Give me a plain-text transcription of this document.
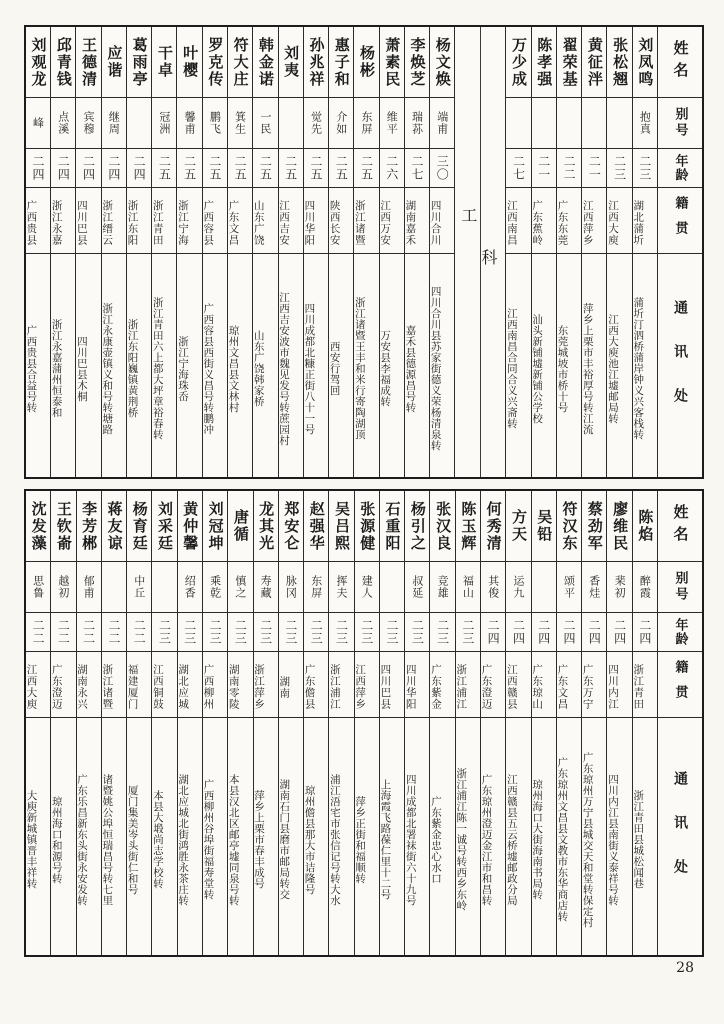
姓名
别号
年龄
籍贯
通讯处
刘凤鸣
抱真
二三
湖北蒲圻
蒲圻汀泗桥蒲岸钟义兴客栈转
张松翘
二三
江西大庾
江西大庾池江墟邮局转
黄征泮
二一
江西萍乡
萍乡上栗市丰裕厚号转江流
翟荣基
二二
广东东莞
东莞城坡市桥十号
陈孝强
二一
广东蕉岭
汕头新铺墟新铺公学校
万少成
二七
江西南昌
江西南昌合同合义兴斋转
工
科
杨文焕
端甫
三〇
四川合川
四川合川县苏家街德义荣杨清泉转
李焕芝
瑞荪
二七
湖南嘉禾
嘉禾县德源昌号转
萧素民
维平
二六
江西万安
万安县李福成转
杨彬
东屏
二五
浙江诸暨
浙江诸暨王丰和米行寄陶湖顶
惠子和
介如
二五
陕西长安
西安行驾回
孙兆祥
觉先
二五
四川华阳
四川成都北糠正街八十一号
刘夷
二五
江西吉安
江西吉安波市魏见发号转蔗园村
韩金诺
一民
二五
山东广饶
山东广饶韩家桥
符大庄
箕生
二五
广东文昌
琼州文昌县文林村
罗克传
鹏飞
二五
广西容县
广西容县西街义昌号转鹏冲
叶樱
馨甫
二五
浙江宁海
浙江宁海珠岙
干卓
冠洲
二五
浙江青田
浙江青田六上都大坪章裕春转
葛雨亭
二四
浙江东阳
浙江东阳巍镇黄荆桥
应谐
继周
二四
浙江缙云
浙江永康壶镇义和号转塘路
王德清
宾穆
二四
四川巴县
四川巴县木桐
邱青钱
点溪
二四
浙江永嘉
浙江永嘉蒲州恒泰和
刘观龙
峰
二四
广西贵县
广西贵县合益号转
姓名
别号
年龄
籍贯
通讯处
陈焰
醉霞
二四
浙江青田
浙江青田县城松闻巷
廖维民
棐初
二四
四川内江
四川内江县南街义泰祥号转
蔡劲军
香烓
二四
广东万宁
广东琼州万宁县城交天和堂转保定村
符汉东
颂平
二四
广东文昌
广东琼州文昌县文教市东华商店转
吴铅
二四
广东琼山
琼州海口大街海南书局转
方天
运九
二四
江西赣县
江西赣县五云桥墟邮政分局
何秀清
其俊
二四
广东澄迈
广东琼州澄迈金江市和昌转
陈玉辉
福山
二三
浙江浦江
浙江浦江陈一诚号转西乡东岭
张汉良
竞雄
二三
广东紫金
广东紫金忠心水口
杨引之
叔延
二三
四川华阳
四川成都北署袜街六十九号
石重阳
二三
四川巴县
上海霞飞路葆仁里十二号
张源健
建人
二三
江西萍乡
萍乡正街和福顺转
吴吕熙
挥夫
二三
浙江浦江
浦江浯宅市张信记号转大水
赵强华
东屏
二三
广东儋县
琼州儋县那大市诘隆号
郑安仑
脉冈
二三
湖南
湖南石门县磨市邮局转交
龙其光
寿藏
二三
浙江萍乡
萍乡上栗市春丰成号
唐循
慎之
二三
湖南零陵
本县汉北区邮亭墟同泉号转
刘冠坤
乘乾
二三
广西柳州
广西柳州谷埠街福寿堂转
黄仲馨
绍香
二三
湖北应城
湖北应城北街鸿胜永茶庄转
刘采廷
二三
江西铜鼓
本县大塅尚志学校转
杨育廷
中丘
二二
福建厦门
厦门集美岑头街仁和号
蒋友谅
二二
浙江诸暨
诸暨姚公埠恒瑞昌号转七里
李芳郴
郁甫
二二
湖南永兴
广东乐昌新东头街永安发转
王钦嵛
越初
二二
广东澄迈
琼州海口和源号转
沈发藻
思鲁
二二
江西大庾
大庾新城镇晋丰祥转
28
